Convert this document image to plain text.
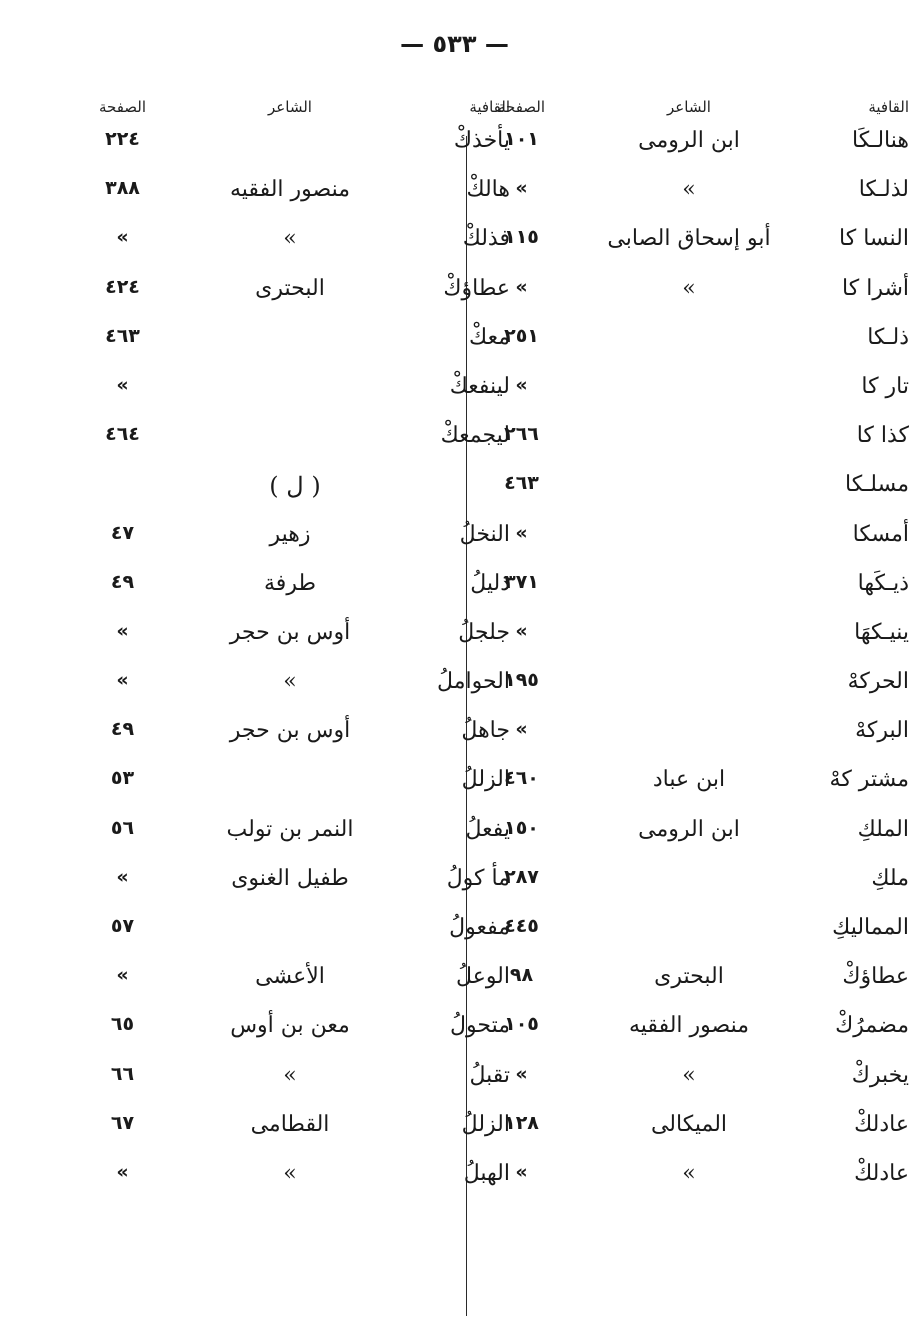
— ٥٣٣ —
القافية
الشاعر
الصفحة
هنالـكَا
ابن الرومى
١٠١
لذلـكا
»
»
النسا كا
أبو إسحاق الصابى
١١٥
أشرا كا
»
»
ذلـكا
٢٥١
تار كا
»
كذا كا
٢٦٦
مسلـكا
٤٦٣
أمسكا
»
ذيـكَها
٣٧١
ينيـكهَا
»
الحركهْ
١٩٥
البركهْ
»
مشتر كهْ
ابن عباد
٤٦٠
الملكِ
ابن الرومى
١٥٠
ملكِ
٢٨٧
المماليكِ
٤٤٥
عطاؤكْ
البحترى
٩٨
مضمرُكْ
منصور الفقيه
١٠٥
يخبركْ
»
»
عادلكْ
الميكالى
١٢٨
عادلكْ
»
»
القافية
الشاعر
الصفحة
يأخذكْ
٢٢٤
هالكْ
منصور الفقيه
٣٨٨
فذلكْ
»
»
عطاؤكْ
البحترى
٤٢٤
معكْ
٤٦٣
لينفعكْ
»
ليجمعكْ
٤٦٤
( ل )
النخلُ
زهير
٤٧
ذليلُ
طرفة
٤٩
جلجلُ
أوس بن حجر
»
الحواملُ
»
»
جاهلُ
أوس بن حجر
٤٩
الزللُ
٥٣
يفعلُ
النمر بن تولب
٥٦
مأ كولُ
طفيل الغنوى
»
مفعولُ
٥٧
الوعلُ
الأعشى
»
متحولُ
معن بن أوس
٦٥
تقبلُ
»
٦٦
الزللُ
القطامى
٦٧
الهبلُ
»
»
